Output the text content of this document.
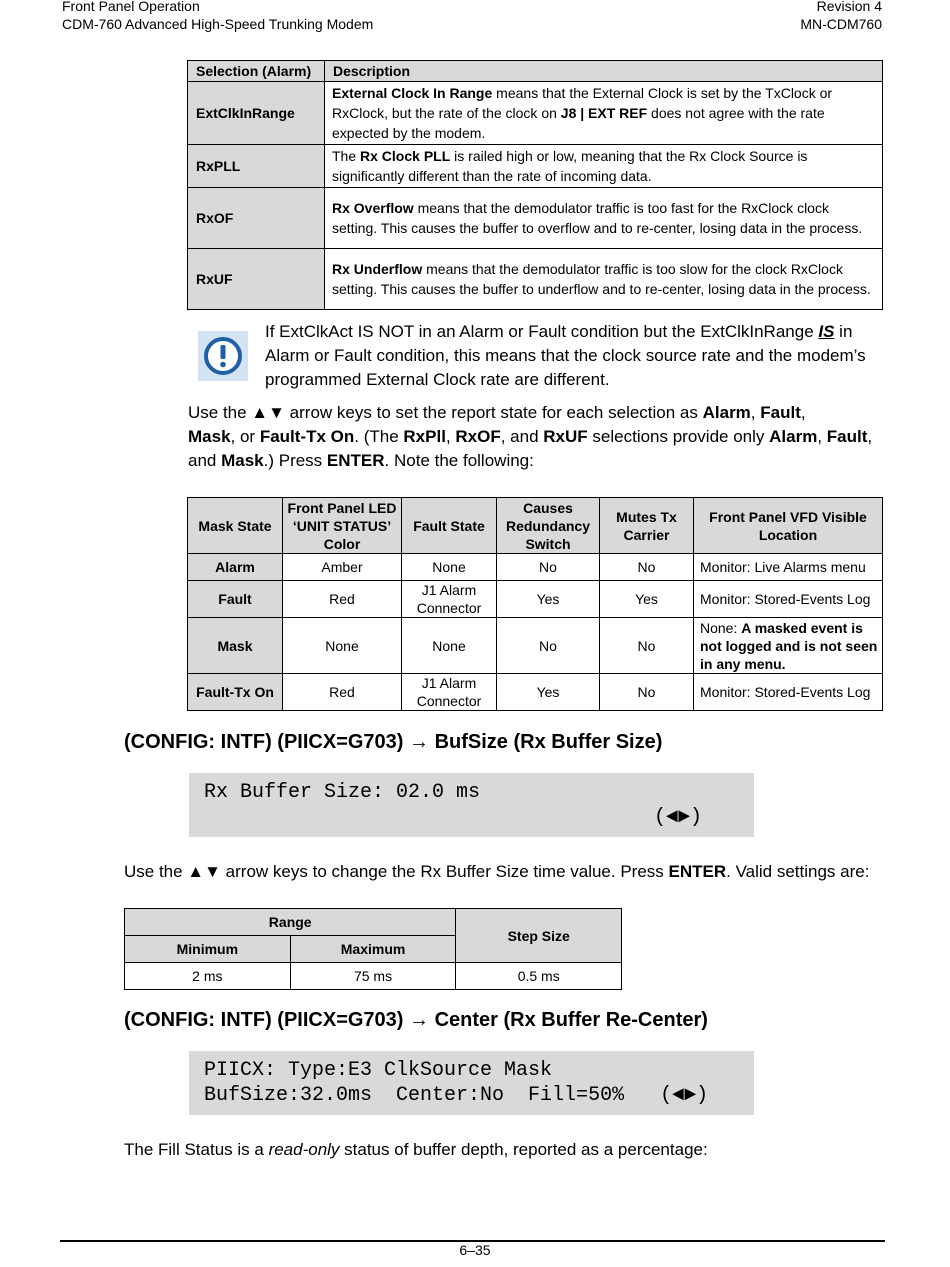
Front Panel Operation
CDM-760 Advanced High-Speed Trunking Modem
Revision 4
MN-CDM760
Selection (Alarm)	Description
ExtClkInRange	External Clock In Range means that the External Clock is set by the TxClock or RxClock, but the rate of the clock on J8 | EXT REF does not agree with the rate expected by the modem.
RxPLL	The Rx Clock PLL is railed high or low, meaning that the Rx Clock Source is significantly different than the rate of incoming data.
RxOF	Rx Overflow means that the demodulator traffic is too fast for the RxClock clock setting. This causes the buffer to overflow and to re-center, losing data in the process.
RxUF	Rx Underflow means that the demodulator traffic is too slow for the clock RxClock setting. This causes the buffer to underflow and to re-center, losing data in the process.
If ExtClkAct IS NOT in an Alarm or Fault condition but the ExtClkInRange IS in Alarm or Fault condition, this means that the clock source rate and the modem’s programmed External Clock rate are different.
Use the ▲▼ arrow keys to set the report state for each selection as Alarm, Fault,
Mask, or Fault-Tx On. (The RxPll, RxOF, and RxUF selections provide only Alarm, Fault,
and Mask.) Press ENTER. Note the following:
Mask State	Front Panel LED ‘UNIT STATUS’ Color	Fault State	Causes Redundancy Switch	Mutes Tx Carrier	Front Panel VFD Visible Location
Alarm	Amber	None	No	No	Monitor: Live Alarms menu
Fault	Red	J1 Alarm Connector	Yes	Yes	Monitor: Stored-Events Log
Mask	None	None	No	No	None: A masked event is not logged and is not seen in any menu.
Fault-Tx On	Red	J1 Alarm Connector	Yes	No	Monitor: Stored-Events Log
(CONFIG: INTF) (PIICX=G703) → BufSize (Rx Buffer Size)

Rx Buffer Size: 02.0 ms

(◄►)

Use the ▲▼ arrow keys to change the Rx Buffer Size time value. Press ENTER. Valid settings are:
Range		Step Size
Minimum	Maximum	
2 ms	75 ms	0.5 ms
(CONFIG: INTF) (PIICX=G703) → Center (Rx Buffer Re-Center)

PIICX: Type:E3 ClkSource Mask

BufSize:32.0ms  Center:No  Fill=50%   (◄►)

The Fill Status is a read-only status of buffer depth, reported as a percentage:
6–35
